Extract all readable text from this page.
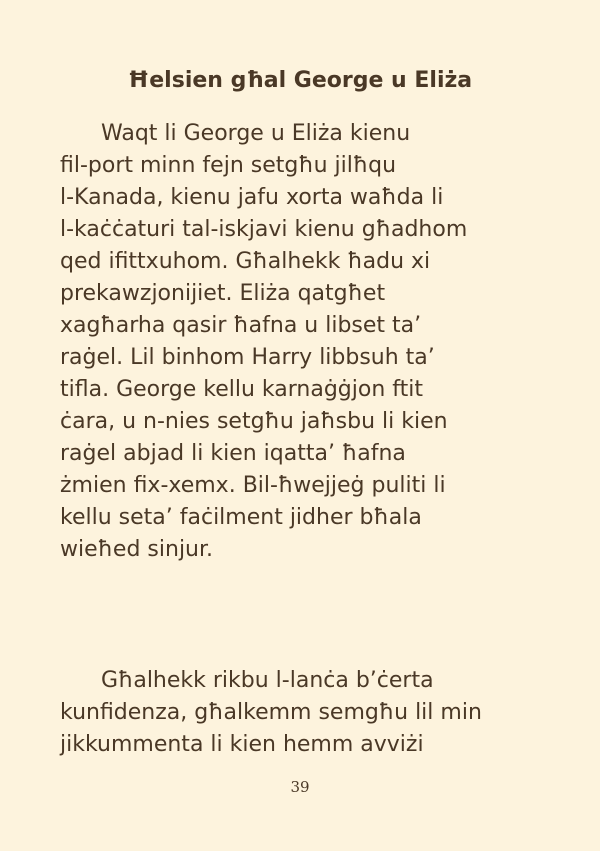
Ħelsien għal George u Eliża
Waqt li George u Eliża kienu
fil-port minn fejn setgħu jilħqu
l-Kanada, kienu jafu xorta waħda li
l-kaċċaturi tal-iskjavi kienu għadhom
qed ifittxuhom. Għalhekk ħadu xi
prekawzjonijiet. Eliża qatgħet
xagħarha qasir ħafna u libset ta’
raġel. Lil binhom Harry libbsuh ta’
tifla. George kellu karnaġġjon ftit
ċara, u n-nies setgħu jaħsbu li kien
raġel abjad li kien iqatta’ ħafna
żmien fix-xemx. Bil-ħwejjeġ puliti li
kellu seta’ faċilment jidher bħala
wieħed sinjur.
Għalhekk rikbu l-lanċa b’ċerta
kunfidenza, għalkemm semgħu lil min
jikkummenta li kien hemm avviżi
39
